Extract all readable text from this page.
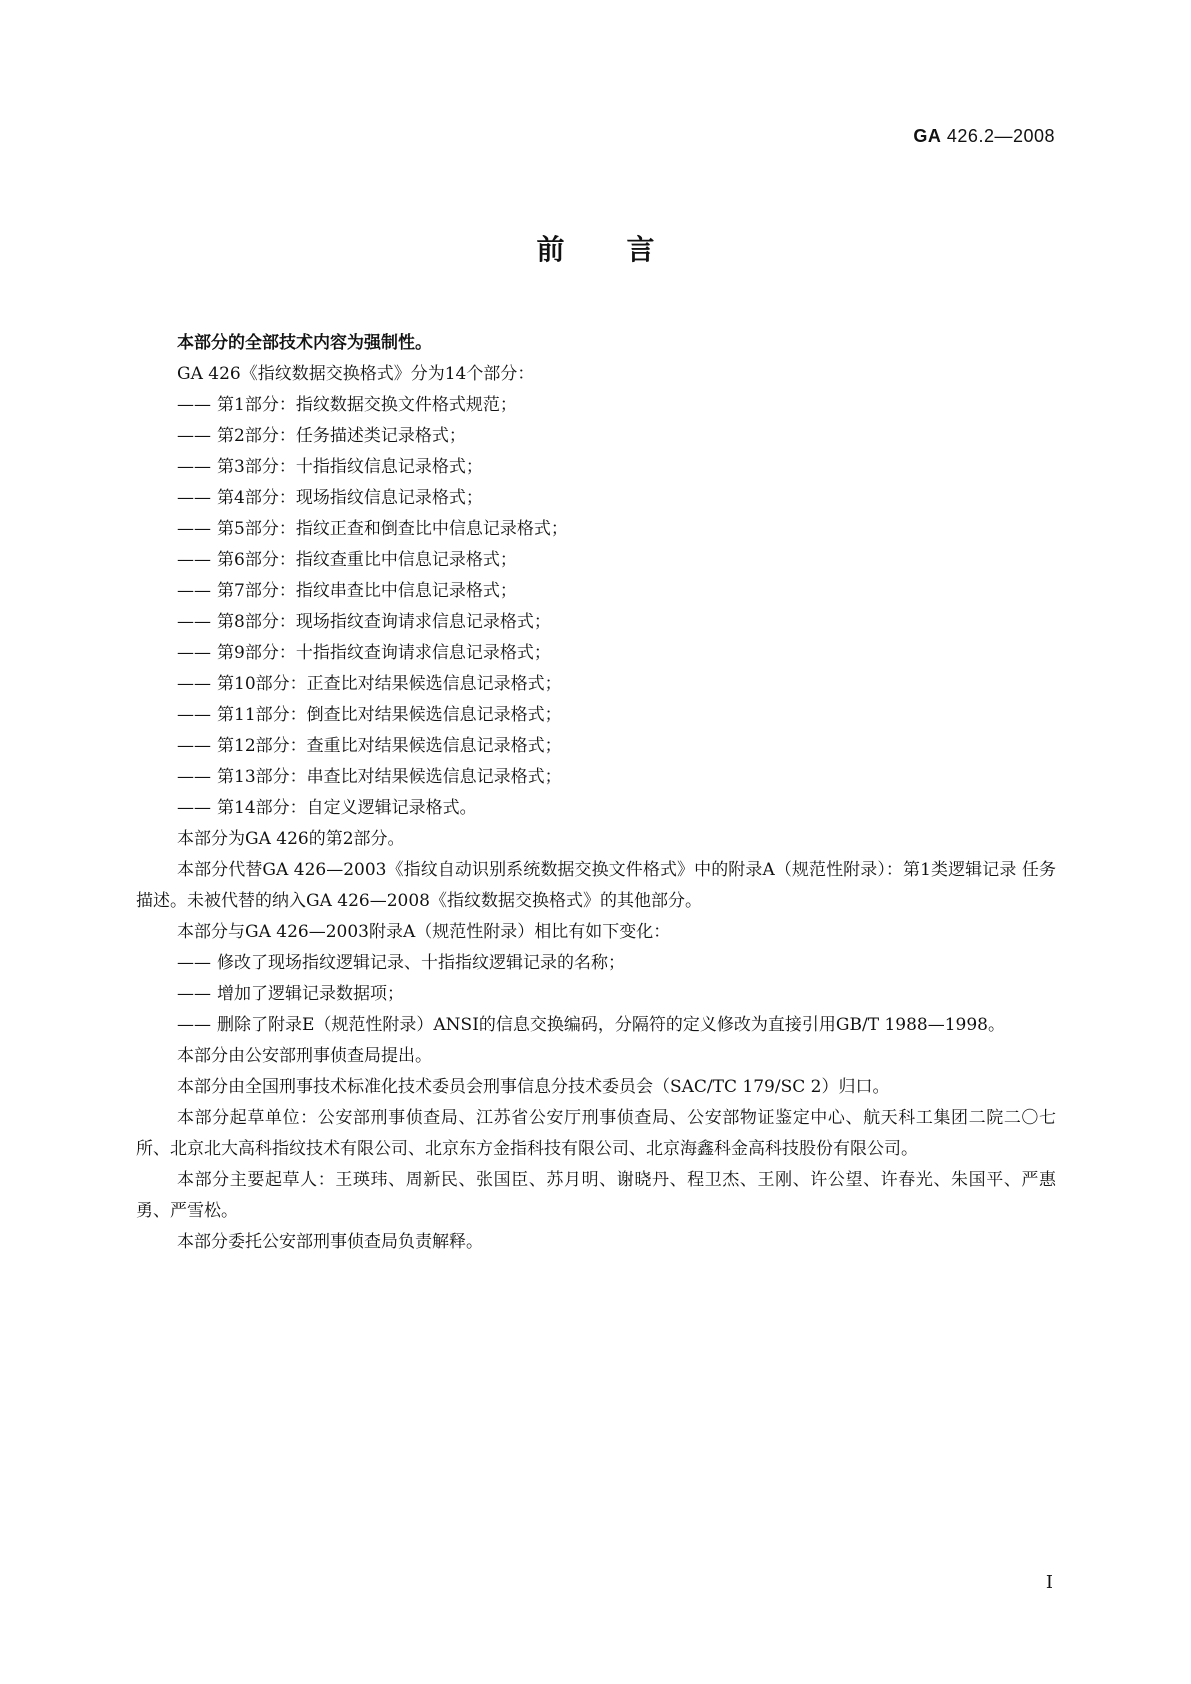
GA 426.2—2008
前言

本部分的全部技术内容为强制性。

GA 426《指纹数据交换格式》分为14个部分：

—— 第1部分：指纹数据交换文件格式规范；

—— 第2部分：任务描述类记录格式；

—— 第3部分：十指指纹信息记录格式；

—— 第4部分：现场指纹信息记录格式；

—— 第5部分：指纹正查和倒查比中信息记录格式；

—— 第6部分：指纹查重比中信息记录格式；

—— 第7部分：指纹串查比中信息记录格式；

—— 第8部分：现场指纹查询请求信息记录格式；

—— 第9部分：十指指纹查询请求信息记录格式；

—— 第10部分：正查比对结果候选信息记录格式；

—— 第11部分：倒查比对结果候选信息记录格式；

—— 第12部分：查重比对结果候选信息记录格式；

—— 第13部分：串查比对结果候选信息记录格式；

—— 第14部分：自定义逻辑记录格式。

本部分为GA 426的第2部分。

本部分代替GA 426—2003《指纹自动识别系统数据交换文件格式》中的附录A（规范性附录）：第1类逻辑记录 任务描述。未被代替的纳入GA 426—2008《指纹数据交换格式》的其他部分。

本部分与GA 426—2003附录A（规范性附录）相比有如下变化：

—— 修改了现场指纹逻辑记录、十指指纹逻辑记录的名称；

—— 增加了逻辑记录数据项；

—— 删除了附录E（规范性附录）ANSI的信息交换编码，分隔符的定义修改为直接引用GB/T 1988—1998。

本部分由公安部刑事侦查局提出。

本部分由全国刑事技术标准化技术委员会刑事信息分技术委员会（SAC/TC 179/SC 2）归口。

本部分起草单位：公安部刑事侦查局、江苏省公安厅刑事侦查局、公安部物证鉴定中心、航天科工集团二院二〇七所、北京北大高科指纹技术有限公司、北京东方金指科技有限公司、北京海鑫科金高科技股份有限公司。

本部分主要起草人：王瑛玮、周新民、张国臣、苏月明、谢晓丹、程卫杰、王刚、许公望、许春光、朱国平、严惠勇、严雪松。

本部分委托公安部刑事侦查局负责解释。

I
